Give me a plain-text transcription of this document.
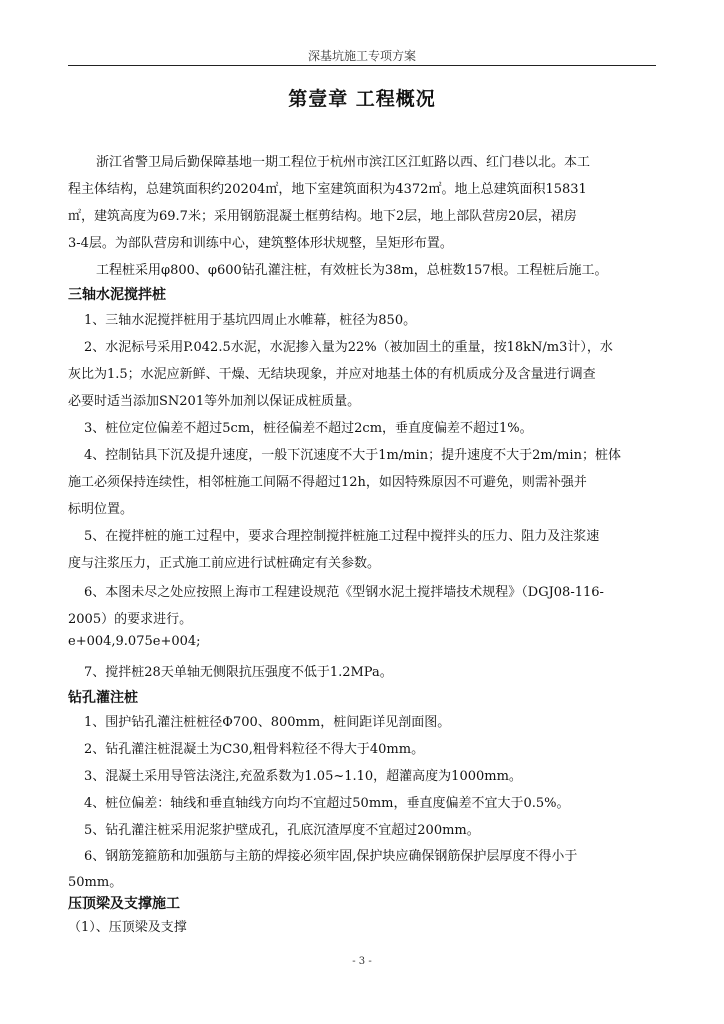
深基坑施工专项方案
第壹章 工程概况
浙江省警卫局后勤保障基地一期工程位于杭州市滨江区江虹路以西、红门巷以北。本工
程主体结构，总建筑面积约20204㎡，地下室建筑面积为4372㎡。地上总建筑面积15831
㎡，建筑高度为69.7米；采用钢筋混凝土框剪结构。地下2层，地上部队营房20层，裙房
3-4层。为部队营房和训练中心，建筑整体形状规整，呈矩形布置。
工程桩采用φ800、φ600钻孔灌注桩，有效桩长为38m，总桩数157根。工程桩后施工。
三轴水泥搅拌桩
1、三轴水泥搅拌桩用于基坑四周止水帷幕，桩径为850。
2、水泥标号采用P.042.5水泥，水泥掺入量为22%（被加固土的重量，按18kN/m3计），水
灰比为1.5；水泥应新鲜、干燥、无结块现象，并应对地基土体的有机质成分及含量进行调查
必要时适当添加SN201等外加剂以保证成桩质量。
3、桩位定位偏差不超过5cm，桩径偏差不超过2cm，垂直度偏差不超过1%。
4、控制钻具下沉及提升速度，一般下沉速度不大于1m/min；提升速度不大于2m/min；桩体
施工必须保持连续性，相邻桩施工间隔不得超过12h，如因特殊原因不可避免，则需补强并
标明位置。
5、在搅拌桩的施工过程中，要求合理控制搅拌桩施工过程中搅拌头的压力、阻力及注浆速
度与注浆压力，正式施工前应进行试桩确定有关参数。
6、本图未尽之处应按照上海市工程建设规范《型钢水泥土搅拌墙技术规程》（DGJ08-116-
2005）的要求进行。
e+004,9.075e+004;
7、搅拌桩28天单轴无侧限抗压强度不低于1.2MPa。
钻孔灌注桩
1、围护钻孔灌注桩桩径Φ700、800mm，桩间距详见剖面图。
2、钻孔灌注桩混凝土为C30,粗骨料粒径不得大于40mm。
3、混凝土采用导管法浇注,充盈系数为1.05~1.10，超灌高度为1000mm。
4、桩位偏差：轴线和垂直轴线方向均不宜超过50mm，垂直度偏差不宜大于0.5%。
5、钻孔灌注桩采用泥浆护壁成孔，孔底沉渣厚度不宜超过200mm。
6、钢筋笼箍筋和加强筋与主筋的焊接必须牢固,保护块应确保钢筋保护层厚度不得小于
50mm。
压顶梁及支撑施工
（1）、压顶梁及支撑
- 3 -
